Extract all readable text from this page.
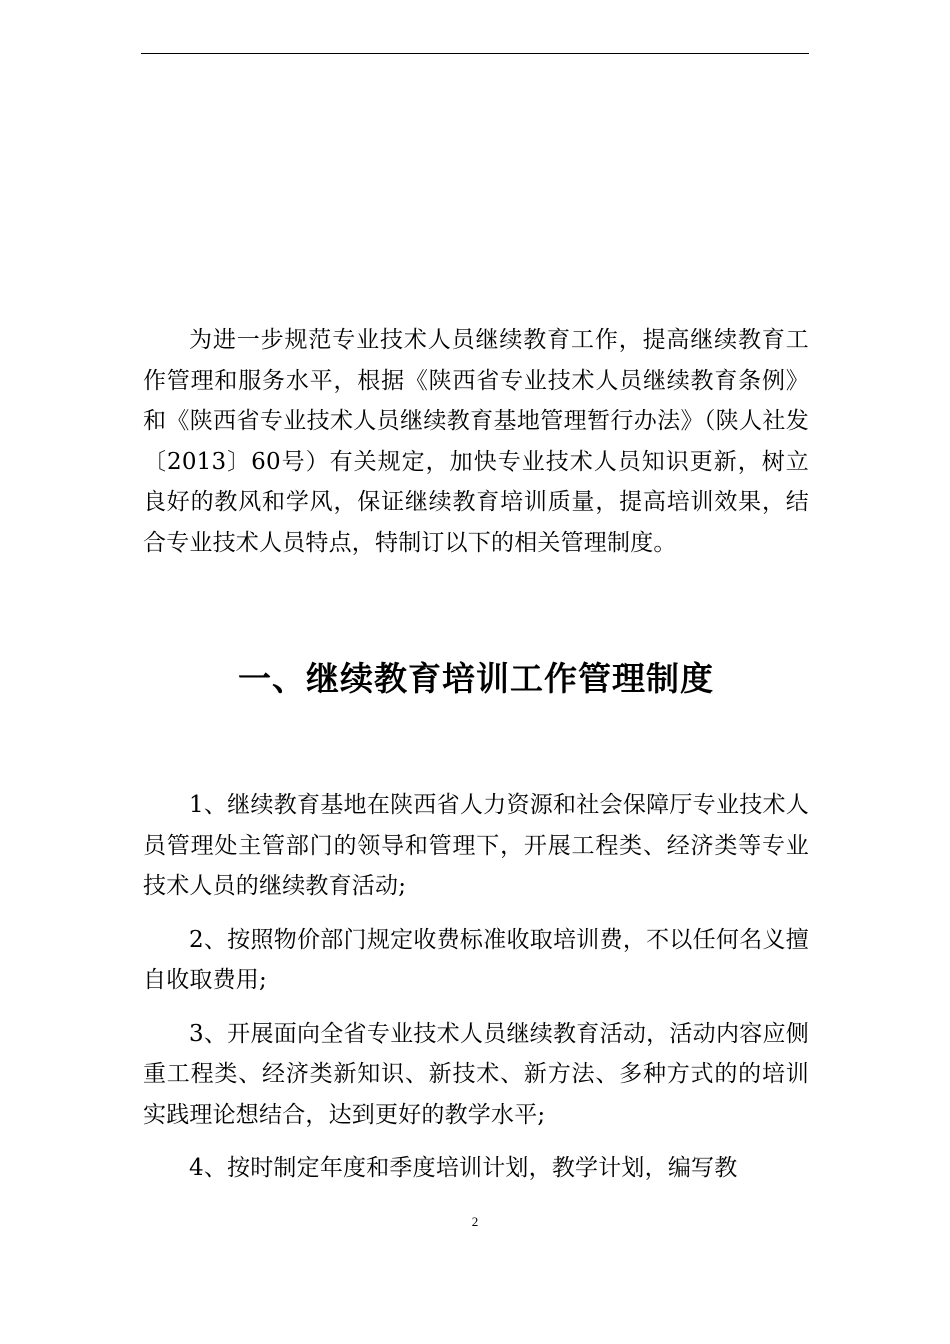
为进一步规范专业技术人员继续教育工作，提高继续教育工作管理和服务水平，根据《陕西省专业技术人员继续教育条例》和《陕西省专业技术人员继续教育基地管理暂行办法》（陕人社发〔2013〕60号）有关规定，加快专业技术人员知识更新，树立良好的教风和学风，保证继续教育培训质量，提高培训效果，结合专业技术人员特点，特制订以下的相关管理制度。

一、继续教育培训工作管理制度

1、继续教育基地在陕西省人力资源和社会保障厅专业技术人员管理处主管部门的领导和管理下，开展工程类、经济类等专业技术人员的继续教育活动;

2、按照物价部门规定收费标准收取培训费，不以任何名义擅自收取费用;

3、开展面向全省专业技术人员继续教育活动，活动内容应侧重工程类、经济类新知识、新技术、新方法、多种方式的的培训实践理论想结合，达到更好的教学水平;

4、按时制定年度和季度培训计划，教学计划，编写教

2
